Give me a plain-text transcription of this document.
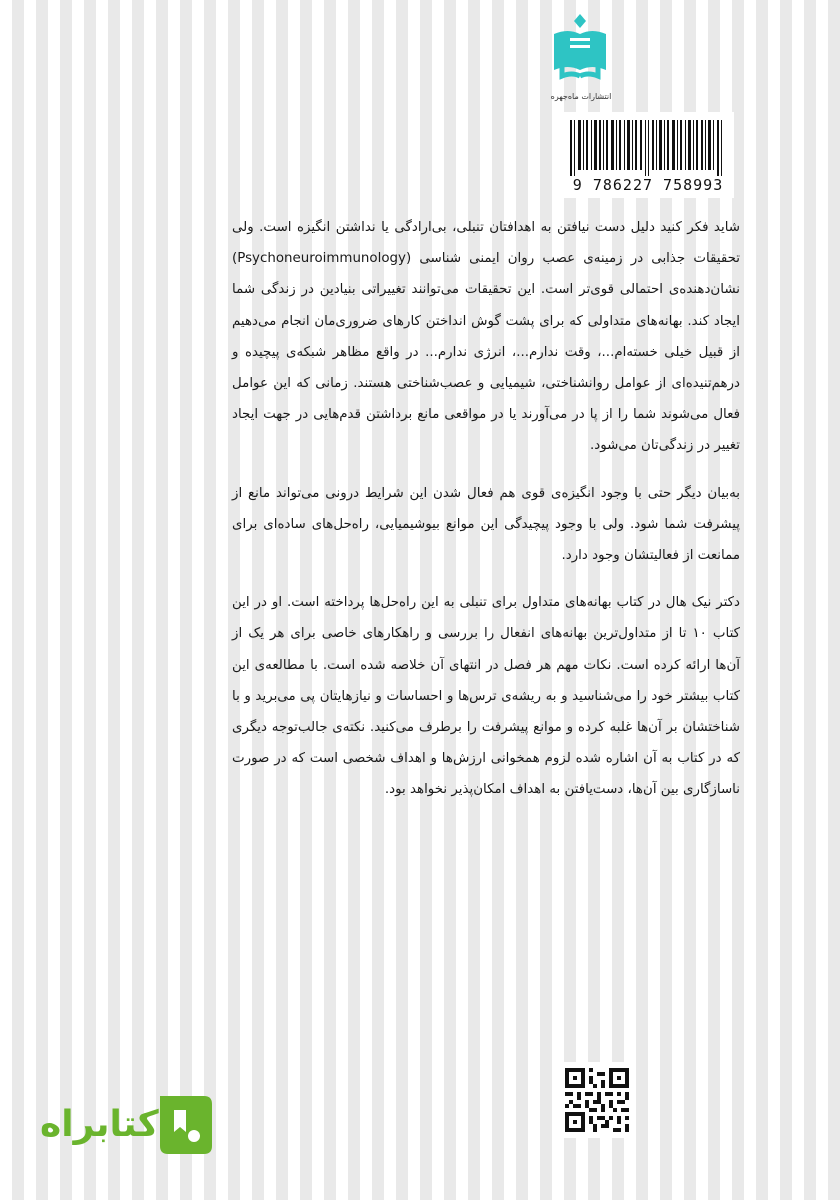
انتشارات ماه‌جهره
9 786227 758993

شاید فکر کنید دلیل دست نیافتن به اهدافتان تنبلی، بی‌اراد‌گی یا نداشتن انگیزه است. ولی تحقیقات جذابی در زمینه‌ی عصب روان ایمنی شناسی (Psychoneuroimmunology) نشان‌دهنده‌ی احتمالی قوی‌تر است. این تحقیقات می‌توانند تغییراتی بنیادین در زند‌گی شما ایجاد کند. بهانه‌های متداولی که برای پشت گوش انداختن کارهای ضروری‌مان انجام می‌دهیم از قبیل خیلی خسته‌ام...، وقت ندارم...، انرژی ندارم... در واقع مظاهر شبکه‌ی پیچیده و درهم‌تنیده‌ای از عوامل روانشناختی، شیمیایی و عصب‌شناختی هستند. زمانی که این عوامل فعال می‌شوند شما را از پا در می‌آورند یا در مواقعی مانع برداشتن قدم‌هایی در جهت ایجاد تغییر در زند‌گی‌تان می‌شود.

به‌بیان دیگر حتی با وجود انگیزه‌ی قوی هم فعال شدن این شرایط درونی می‌تواند مانع از پیشرفت شما شود. ولی با وجود پیچید‌گی این موانع بیوشیمیایی، راه‌حل‌های ساده‌ای برای ممانعت از فعالیتشان وجود دارد.

دکتر نیک هال در کتاب بهانه‌های متداول برای تنبلی به این راه‌حل‌ها پرداخته است. او در این کتاب ۱۰ تا از متداول‌ترین بهانه‌های انفعال را بررسی و راهکارهای خاصی برای هر یک از آن‌ها ارائه کرده است. نکات مهم هر فصل در انتهای آن خلاصه شده است. با مطالعه‌ی این کتاب بیشتر خود را می‌شناسید و به ریشه‌ی ترس‌ها و احساسات و نیازهایتان پی می‌برید و با شناختشان بر آن‌ها غلبه کرده و موانع پیشرفت را برطرف می‌کنید. نکته‌ی جالب‌توجه دیگری که در کتاب به آن اشاره شده لزوم همخوانی ارزش‌ها و اهداف شخصی است که در صورت ناسازگاری بین آن‌ها، دست‌یافتن به اهداف امکان‌پذیر نخواهد بود.

کتابراه
